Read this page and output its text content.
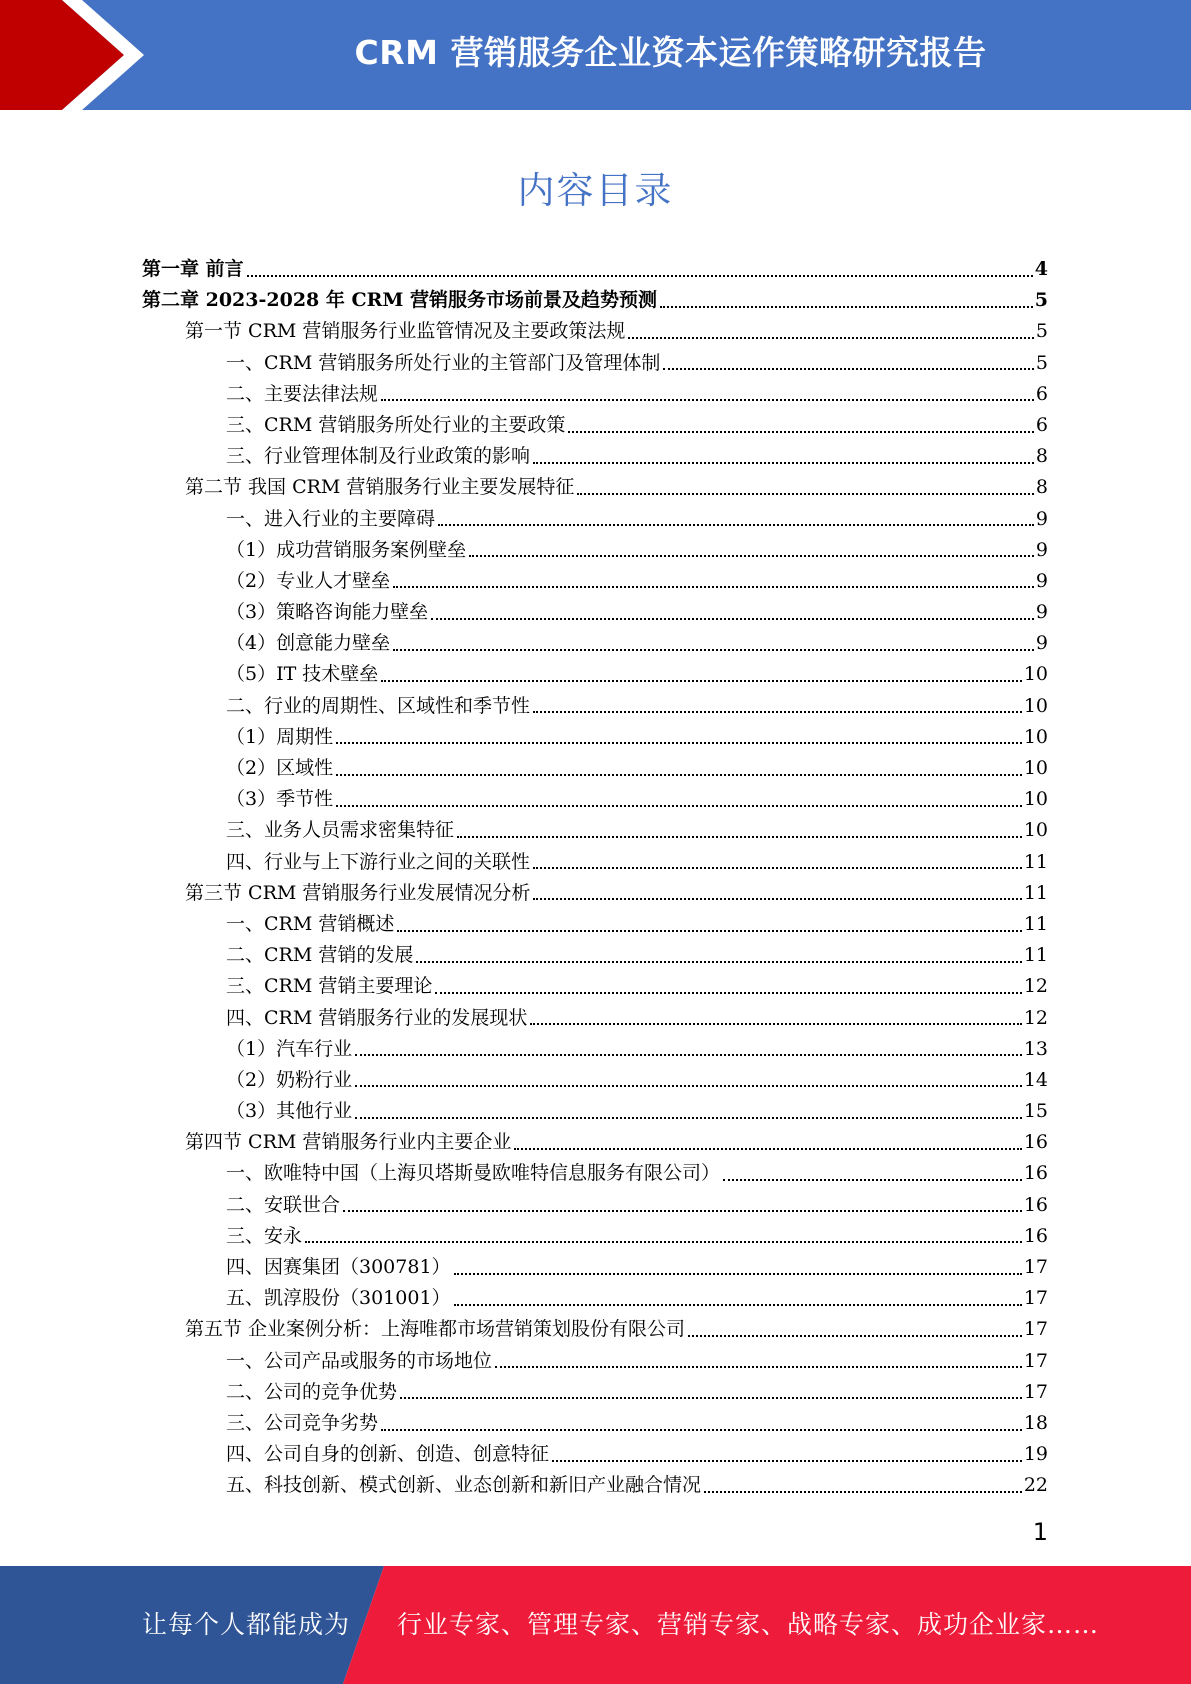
CRM 营销服务企业资本运作策略研究报告
内容目录
第一章 前言	4
第二章 2023-2028 年 CRM 营销服务市场前景及趋势预测	5
第一节 CRM 营销服务行业监管情况及主要政策法规	5
一、CRM 营销服务所处行业的主管部门及管理体制	5
二、主要法律法规	6
三、CRM 营销服务所处行业的主要政策	6
三、行业管理体制及行业政策的影响	8
第二节 我国 CRM 营销服务行业主要发展特征	8
一、进入行业的主要障碍	9
（1）成功营销服务案例壁垒	9
（2）专业人才壁垒	9
（3）策略咨询能力壁垒	9
（4）创意能力壁垒	9
（5）IT 技术壁垒	10
二、行业的周期性、区域性和季节性	10
（1）周期性	10
（2）区域性	10
（3）季节性	10
三、业务人员需求密集特征	10
四、行业与上下游行业之间的关联性	11
第三节 CRM 营销服务行业发展情况分析	11
一、CRM 营销概述	11
二、CRM 营销的发展	11
三、CRM 营销主要理论	12
四、CRM 营销服务行业的发展现状	12
（1）汽车行业	13
（2）奶粉行业	14
（3）其他行业	15
第四节 CRM 营销服务行业内主要企业	16
一、欧唯特中国（上海贝塔斯曼欧唯特信息服务有限公司）	16
二、安联世合	16
三、安永	16
四、因赛集团（300781）	17
五、凯淳股份（301001）	17
第五节 企业案例分析：上海唯都市场营销策划股份有限公司	17
一、公司产品或服务的市场地位	17
二、公司的竞争优势	17
三、公司竞争劣势	18
四、公司自身的创新、创造、创意特征	19
五、科技创新、模式创新、业态创新和新旧产业融合情况	22
1
让每个人都能成为 行业专家、管理专家、营销专家、战略专家、成功企业家……
